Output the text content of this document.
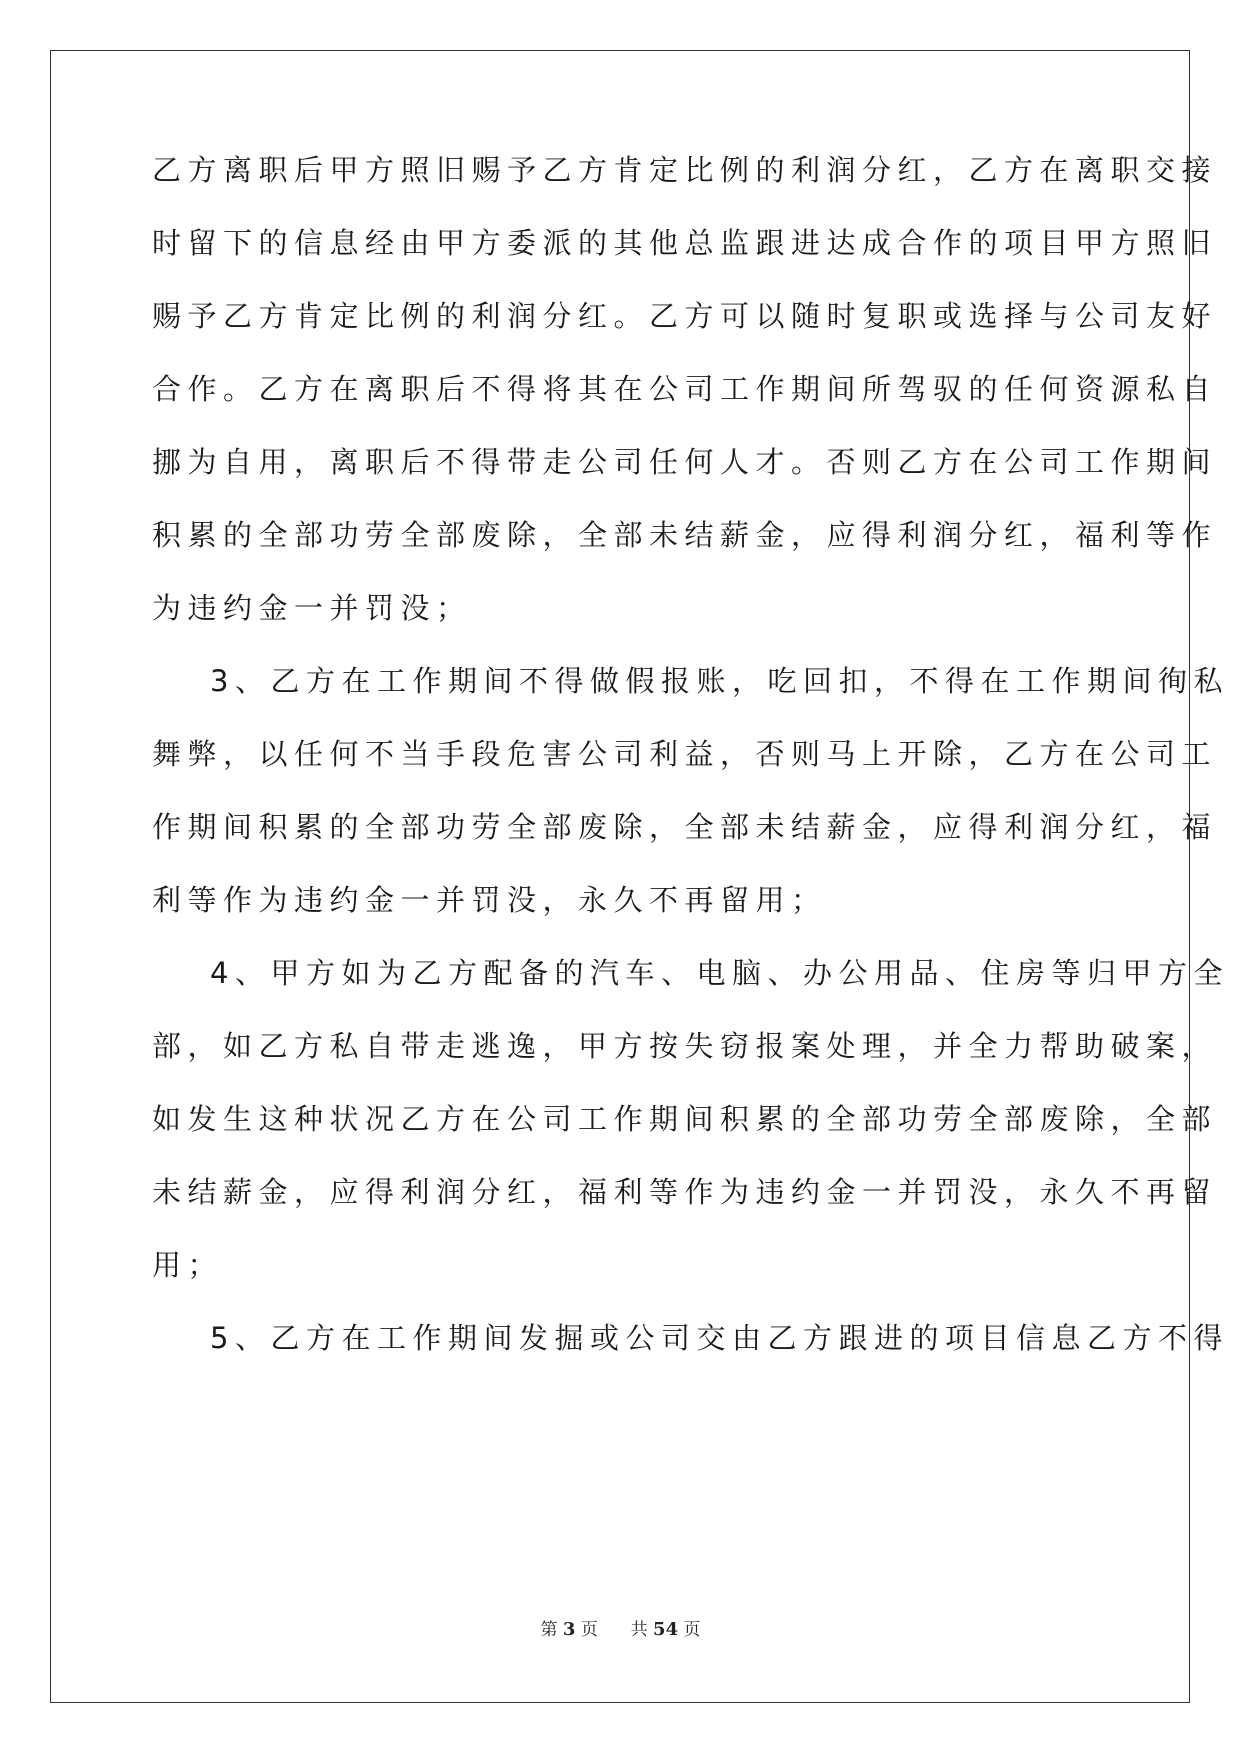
乙方离职后甲方照旧赐予乙方肯定比例的利润分红，乙方在离职交接
时留下的信息经由甲方委派的其他总监跟进达成合作的项目甲方照旧
赐予乙方肯定比例的利润分红。乙方可以随时复职或选择与公司友好
合作。乙方在离职后不得将其在公司工作期间所驾驭的任何资源私自
挪为自用，离职后不得带走公司任何人才。否则乙方在公司工作期间
积累的全部功劳全部废除，全部未结薪金，应得利润分红，福利等作
为违约金一并罚没；
3、乙方在工作期间不得做假报账，吃回扣，不得在工作期间徇私
舞弊，以任何不当手段危害公司利益，否则马上开除，乙方在公司工
作期间积累的全部功劳全部废除，全部未结薪金，应得利润分红，福
利等作为违约金一并罚没，永久不再留用；
4、甲方如为乙方配备的汽车、电脑、办公用品、住房等归甲方全
部，如乙方私自带走逃逸，甲方按失窃报案处理，并全力帮助破案，
如发生这种状况乙方在公司工作期间积累的全部功劳全部废除，全部
未结薪金，应得利润分红，福利等作为违约金一并罚没，永久不再留
用；
5、乙方在工作期间发掘或公司交由乙方跟进的项目信息乙方不得
第 3 页 共 54 页
